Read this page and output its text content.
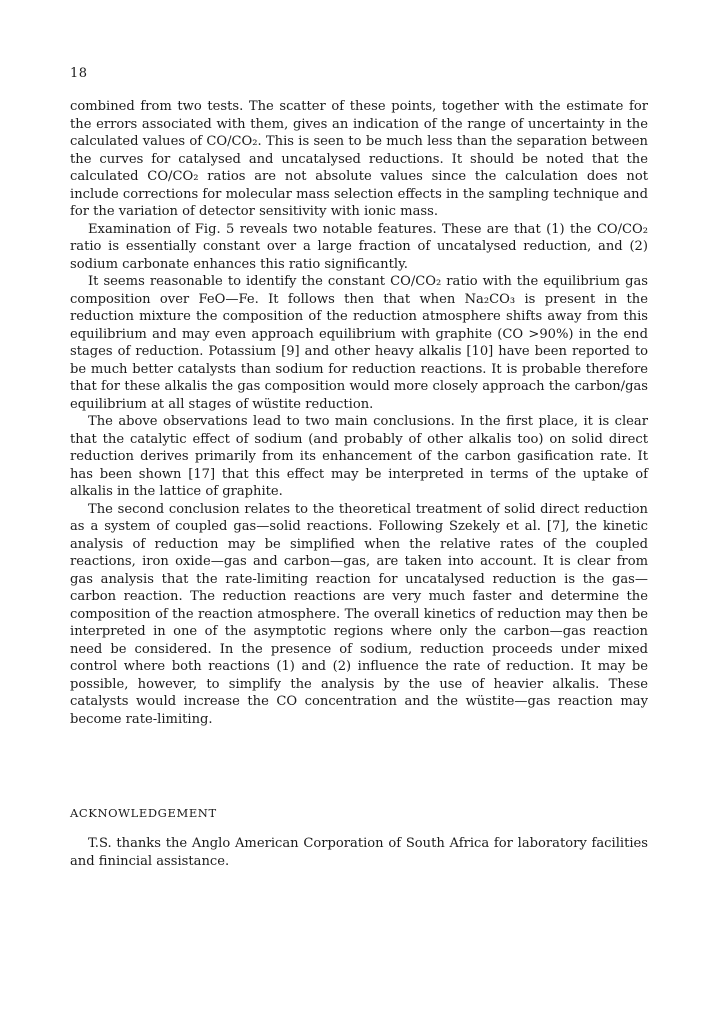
18

combined from two tests. The scatter of these points, together with the estimate for the errors associated with them, gives an indication of the range of uncertainty in the calculated values of CO/CO₂. This is seen to be much less than the separation between the curves for catalysed and uncatalysed reductions. It should be noted that the calculated CO/CO₂ ratios are not absolute values since the calculation does not include corrections for molecular mass selection effects in the sampling technique and for the variation of detector sensitivity with ionic mass.

Examination of Fig. 5 reveals two notable features. These are that (1) the CO/CO₂ ratio is essentially constant over a large fraction of uncatalysed reduction, and (2) sodium carbonate enhances this ratio significantly.

It seems reasonable to identify the constant CO/CO₂ ratio with the equilibrium gas composition over FeO—Fe. It follows then that when Na₂CO₃ is present in the reduction mixture the composition of the reduction atmosphere shifts away from this equilibrium and may even approach equilibrium with graphite (CO >90%) in the end stages of reduction. Potassium [9] and other heavy alkalis [10] have been reported to be much better catalysts than sodium for reduction reactions. It is probable therefore that for these alkalis the gas composition would more closely approach the carbon/gas equilibrium at all stages of wüstite reduction.

The above observations lead to two main conclusions. In the first place, it is clear that the catalytic effect of sodium (and probably of other alkalis too) on solid direct reduction derives primarily from its enhancement of the carbon gasification rate. It has been shown [17] that this effect may be interpreted in terms of the uptake of alkalis in the lattice of graphite.

The second conclusion relates to the theoretical treatment of solid direct reduction as a system of coupled gas—solid reactions. Following Szekely et al. [7], the kinetic analysis of reduction may be simplified when the relative rates of the coupled reactions, iron oxide—gas and carbon—gas, are taken into account. It is clear from gas analysis that the rate-limiting reaction for uncatalysed reduction is the gas—carbon reaction. The reduction reactions are very much faster and determine the composition of the reaction atmosphere. The overall kinetics of reduction may then be interpreted in one of the asymptotic regions where only the carbon—gas reaction need be considered. In the presence of sodium, reduction proceeds under mixed control where both reactions (1) and (2) influence the rate of reduction. It may be possible, however, to simplify the analysis by the use of heavier alkalis. These catalysts would increase the CO concentration and the wüstite—gas reaction may become rate-limiting.

ACKNOWLEDGEMENT

T.S. thanks the Anglo American Corporation of South Africa for laboratory facilities and finincial assistance.
